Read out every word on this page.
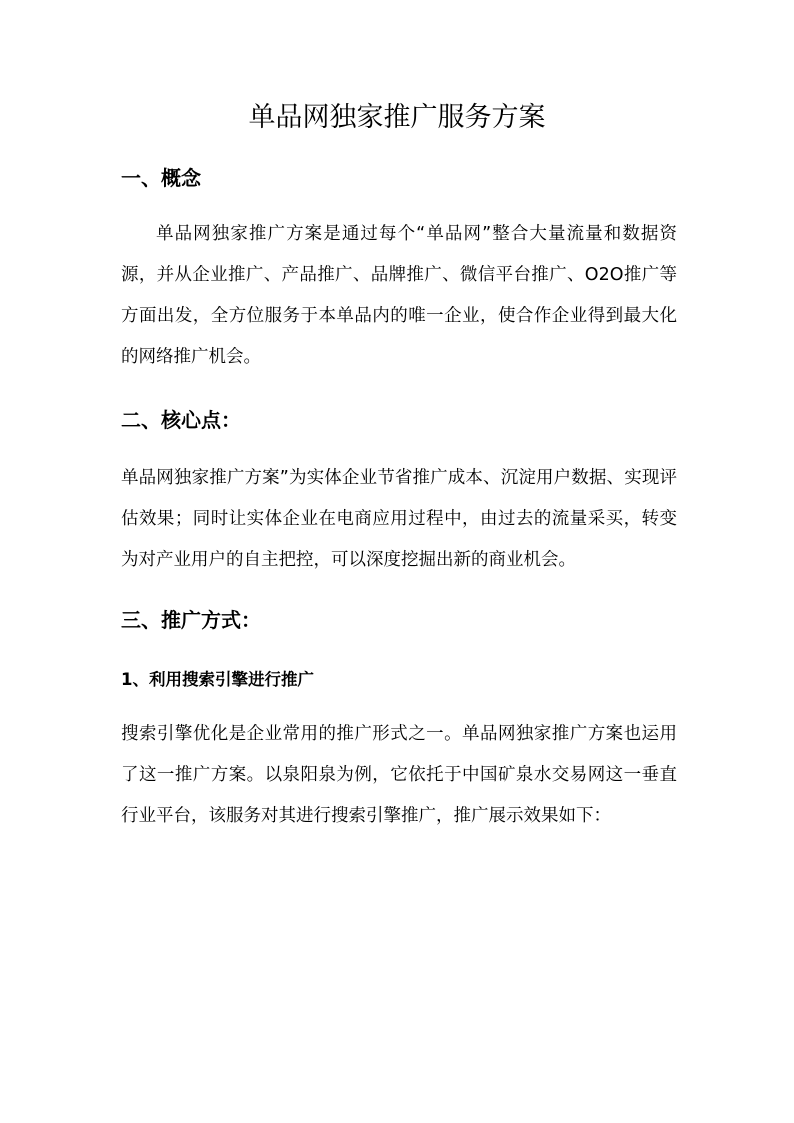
单品网独家推广服务方案
一、概念

单品网独家推广方案是通过每个“单品网”整合大量流量和数据资源，并从企业推广、产品推广、品牌推广、微信平台推广、O2O推广等方面出发，全方位服务于本单品内的唯一企业，使合作企业得到最大化的网络推广机会。

二、核心点：

单品网独家推广方案”为实体企业节省推广成本、沉淀用户数据、实现评估效果；同时让实体企业在电商应用过程中，由过去的流量采买，转变为对产业用户的自主把控，可以深度挖掘出新的商业机会。

三、推广方式：
1、利用搜索引擎进行推广

搜索引擎优化是企业常用的推广形式之一。单品网独家推广方案也运用了这一推广方案。以泉阳泉为例，它依托于中国矿泉水交易网这一垂直行业平台，该服务对其进行搜索引擎推广，推广展示效果如下：
